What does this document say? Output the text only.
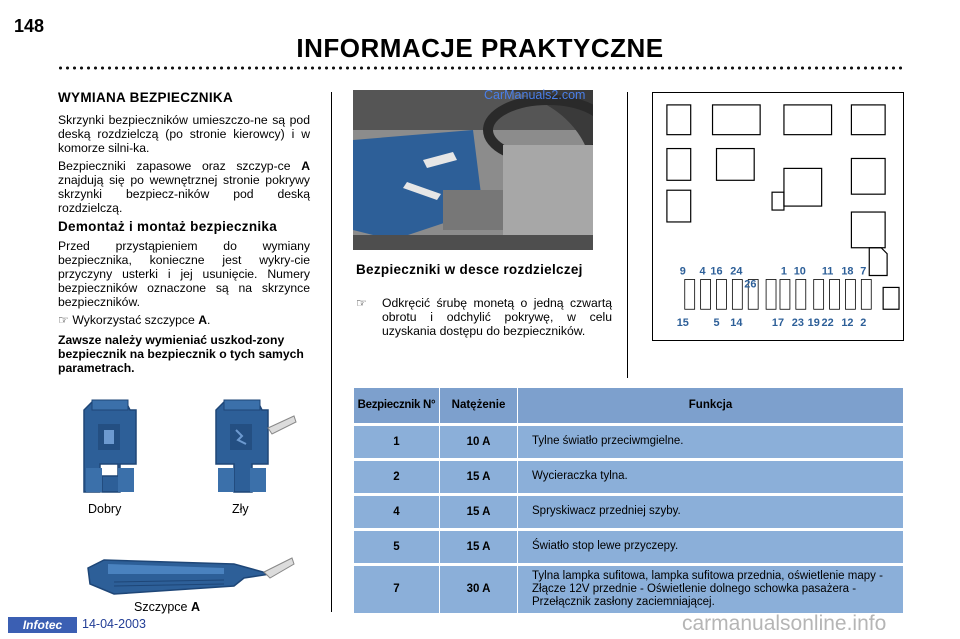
148
INFORMACJE PRAKTYCZNE
WYMIANA BEZPIECZNIKA

Skrzynki bezpieczników umieszczo-ne są pod deską rozdzielczą (po stronie kierowcy) i w komorze silni-ka.

Bezpieczniki zapasowe oraz szczyp-ce A znajdują się po wewnętrznej stronie pokrywy skrzynki bezpiecz-ników pod deską rozdzielczą.

Demontaż i montaż bezpiecznika

Przed przystąpieniem do wymiany bezpiecznika, konieczne jest wykry-cie przyczyny usterki i jej usunięcie. Numery bezpieczników oznaczone są na skrzynce bezpieczników.

☞ Wykorzystać szczypce A.
Zawsze należy wymieniać uszkod-zony bezpiecznik na bezpiecznik o tych samych parametrach.
Dobry	Zły
Szczypce A
CarManuals2.com
Bezpieczniki w desce rozdzielczej
☞	Odkręcić śrubę monetą o jedną czwartą obrotu i odchylić pokrywę, w celu uzyskania dostępu do bezpieczników.
9 4 16 24	1 10 11 18 7
15 5 14	17 23 19 22 12 2
26
Bezpiecznik N°	Natężenie	Funkcja
1	10 A	Tylne światło przeciwmgielne.
2	15 A	Wycieraczka tylna.
4	15 A	Spryskiwacz przedniej szyby.
5	15 A	Światło stop lewe przyczepy.
7	30 A	Tylna lampka sufitowa, lampka sufitowa przednia, oświetlenie mapy - Złącze 12V przednie - Oświetlenie dolnego schowka pasażera - Przełącznik zasłony zaciemniającej.
Infotec	14-04-2003	carmanualsonline.info
